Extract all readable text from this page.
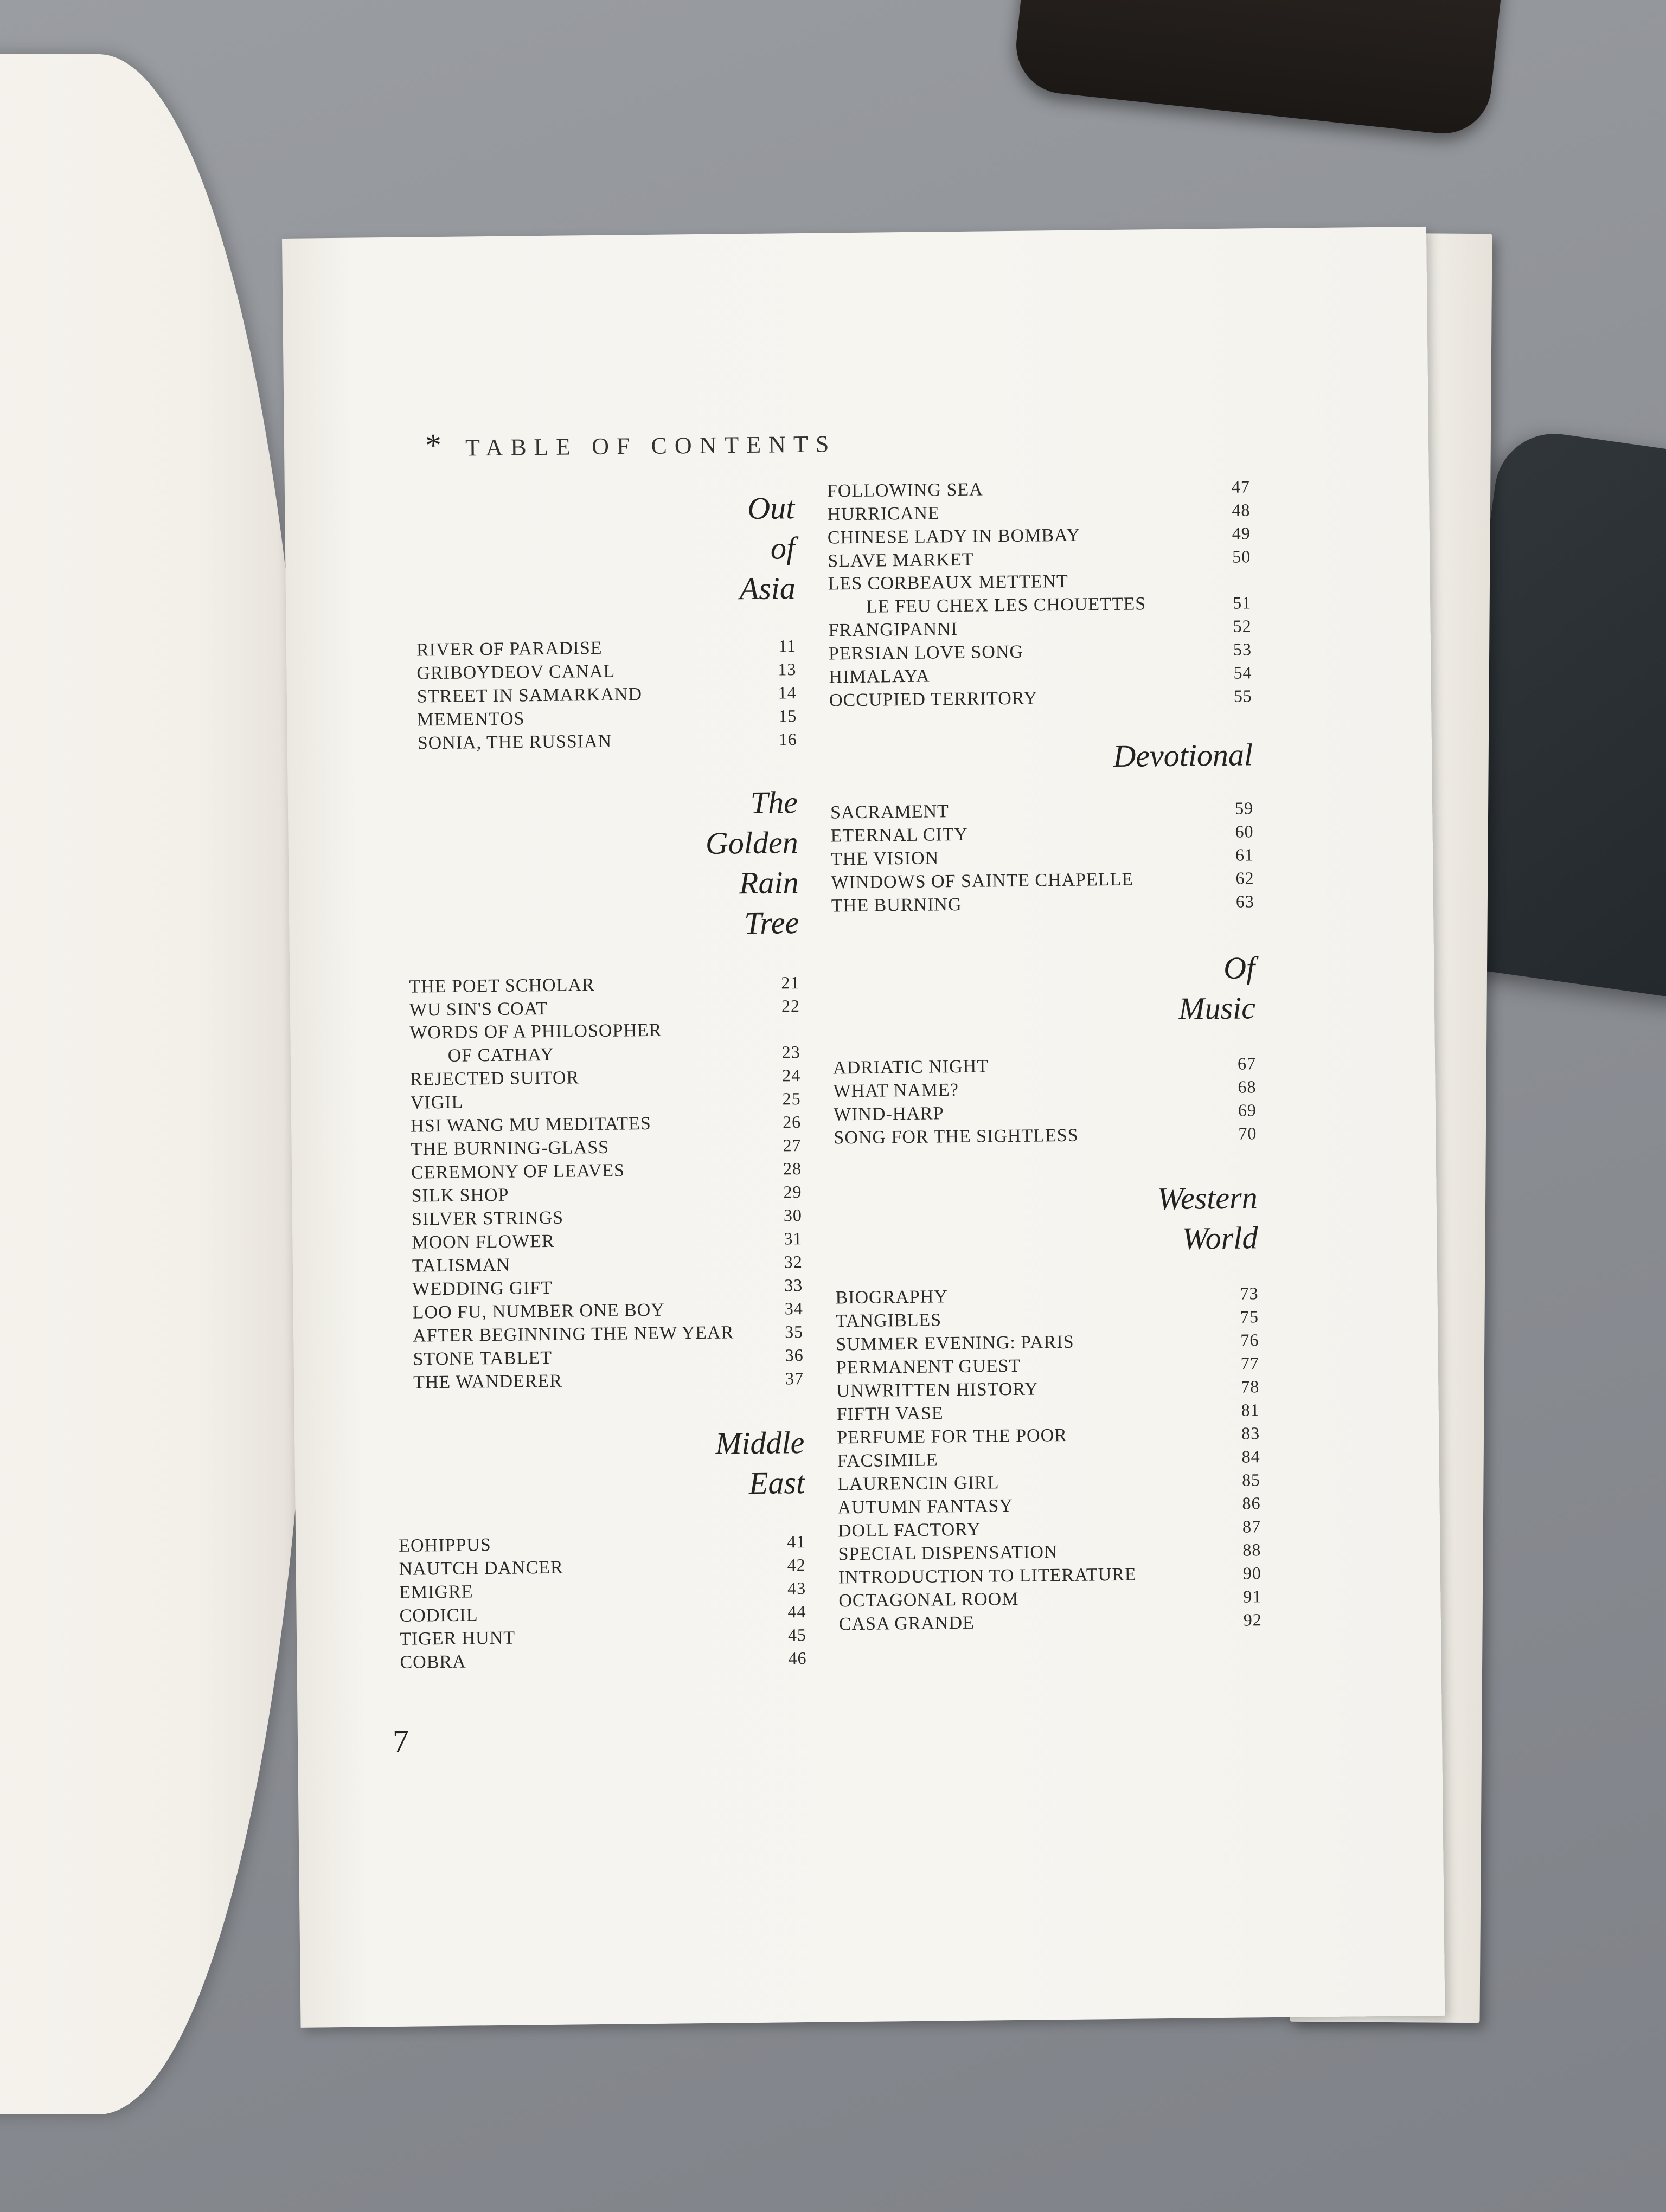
* TABLE OF CONTENTS

Out

of

Asia

RIVER OF PARADISE	11
GRIBOYDEOV CANAL	13
STREET IN SAMARKAND	14
MEMENTOS	15
SONIA, THE RUSSIAN	16

The

Golden

Rain

Tree

THE POET SCHOLAR	21
WU SIN'S COAT	22
WORDS OF A PHILOSOPHER
OF CATHAY	23
REJECTED SUITOR	24
VIGIL	25
HSI WANG MU MEDITATES	26
THE BURNING-GLASS	27
CEREMONY OF LEAVES	28
SILK SHOP	29
SILVER STRINGS	30
MOON FLOWER	31
TALISMAN	32
WEDDING GIFT	33
LOO FU, NUMBER ONE BOY	34
AFTER BEGINNING THE NEW YEAR	35
STONE TABLET	36
THE WANDERER	37

Middle

East

EOHIPPUS	41
NAUTCH DANCER	42
EMIGRE	43
CODICIL	44
TIGER HUNT	45
COBRA	46
FOLLOWING SEA	47
HURRICANE	48
CHINESE LADY IN BOMBAY	49
SLAVE MARKET	50
LES CORBEAUX METTENT
LE FEU CHEX LES CHOUETTES	51
FRANGIPANNI	52
PERSIAN LOVE SONG	53
HIMALAYA	54
OCCUPIED TERRITORY	55

Devotional

SACRAMENT	59
ETERNAL CITY	60
THE VISION	61
WINDOWS OF SAINTE CHAPELLE	62
THE BURNING	63

Of

Music

ADRIATIC NIGHT	67
WHAT NAME?	68
WIND-HARP	69
SONG FOR THE SIGHTLESS	70

Western

World

BIOGRAPHY	73
TANGIBLES	75
SUMMER EVENING: PARIS	76
PERMANENT GUEST	77
UNWRITTEN HISTORY	78
FIFTH VASE	81
PERFUME FOR THE POOR	83
FACSIMILE	84
LAURENCIN GIRL	85
AUTUMN FANTASY	86
DOLL FACTORY	87
SPECIAL DISPENSATION	88
INTRODUCTION TO LITERATURE	90
OCTAGONAL ROOM	91
CASA GRANDE	92
7
